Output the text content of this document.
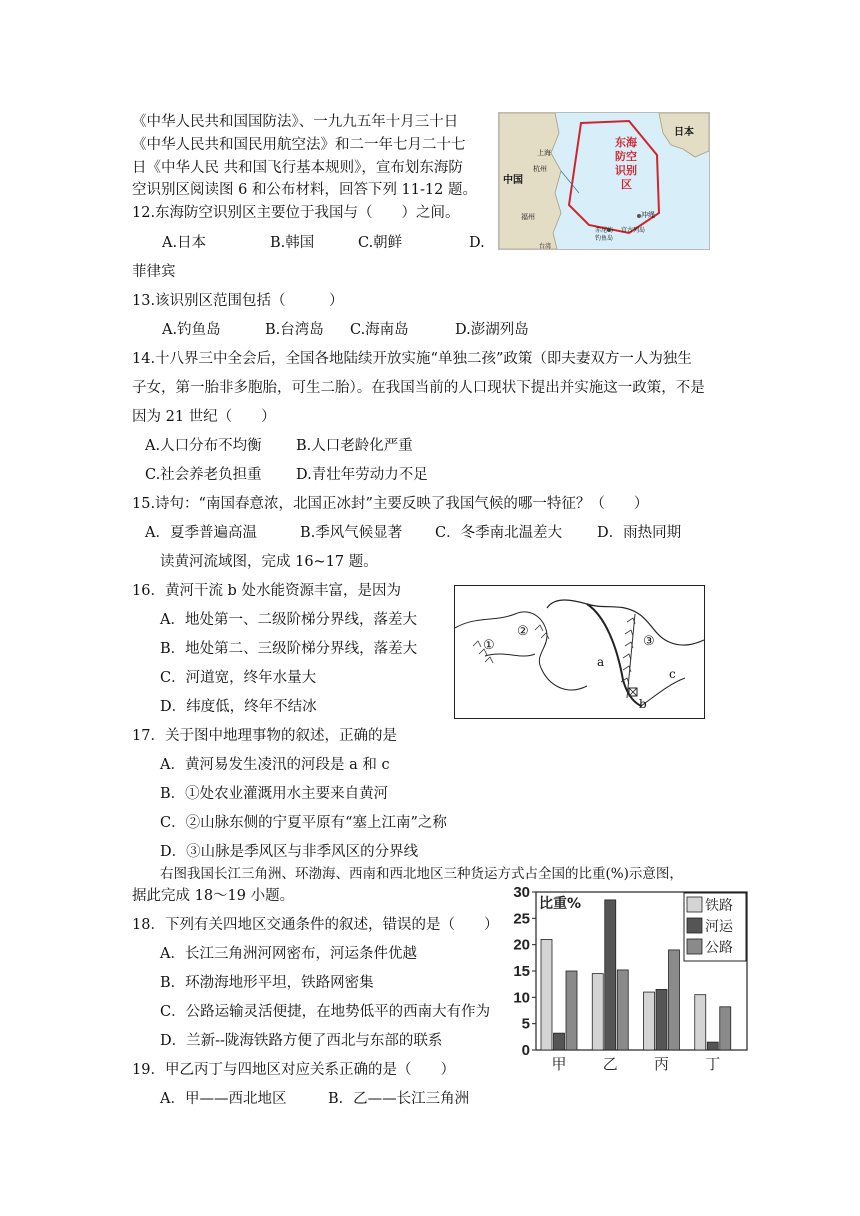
《中华人民共和国国防法》、一九九五年十月三十日
《中华人民共和国民用航空法》和二一年七月二十七
日《中华人民 共和国飞行基本规则》，宣布划东海防
空识别区阅读图 6 和公布材料，回答下列 11-12 题。
日本
中国
上海
杭州
福州
东海
防空
识别
区
冲绳
钓鱼岛
赤尾屿 宫古列岛
台湾
12.东海防空识别区主要位于我国与（　　）之间。
A.日本	B.韩国	C.朝鲜	D.
菲律宾
13.该识别区范围包括（　　　）
A.钓鱼岛	B.台湾岛 C.海南岛	D.澎湖列岛
14.十八界三中全会后，全国各地陆续开放实施“单独二孩”政策（即夫妻双方一人为独生
子女，第一胎非多胞胎，可生二胎）。在我国当前的人口现状下提出并实施这一政策，不是
因为 21 世纪（　　）
A.人口分布不均衡 B.人口老龄化严重
C.社会养老负担重 D.青壮年劳动力不足
15.诗句：“南国春意浓，北国正冰封”主要反映了我国气候的哪一特征？（　　）
A．夏季普遍高温	B.季风气候显著 C．冬季南北温差大 D．雨热同期
读黄河流域图，完成 16~17 题。
①
②
③
a
b
c
16．黄河干流 b 处水能资源丰富，是因为
A．地处第一、二级阶梯分界线，落差大
B．地处第二、三级阶梯分界线，落差大
C．河道宽，终年水量大
D．纬度低，终年不结冰
17．关于图中地理事物的叙述，正确的是
A．黄河易发生凌汛的河段是 a 和 c
B．①处农业灌溉用水主要来自黄河
C．②山脉东侧的宁夏平原有“塞上江南”之称
D．③山脉是季风区与非季风区的分界线
右图我国长江三角洲、环渤海、西南和西北地区三种货运方式占全国的比重(%)示意图，
据此完成 18～19 小题。
18．下列有关四地区交通条件的叙述，错误的是（　　）
A．长江三角洲河网密布，河运条件优越
B．环渤海地形平坦，铁路网密集
C．公路运输灵活便捷，在地势低平的西南大有作为
D．兰新--陇海铁路方便了西北与东部的联系
19．甲乙丙丁与四地区对应关系正确的是（　　）
A．甲——西北地区	B．乙——长江三角洲
0
5
10
15
20
25
30
比重%
甲 乙 丙 丁
铁路
河运
公路
